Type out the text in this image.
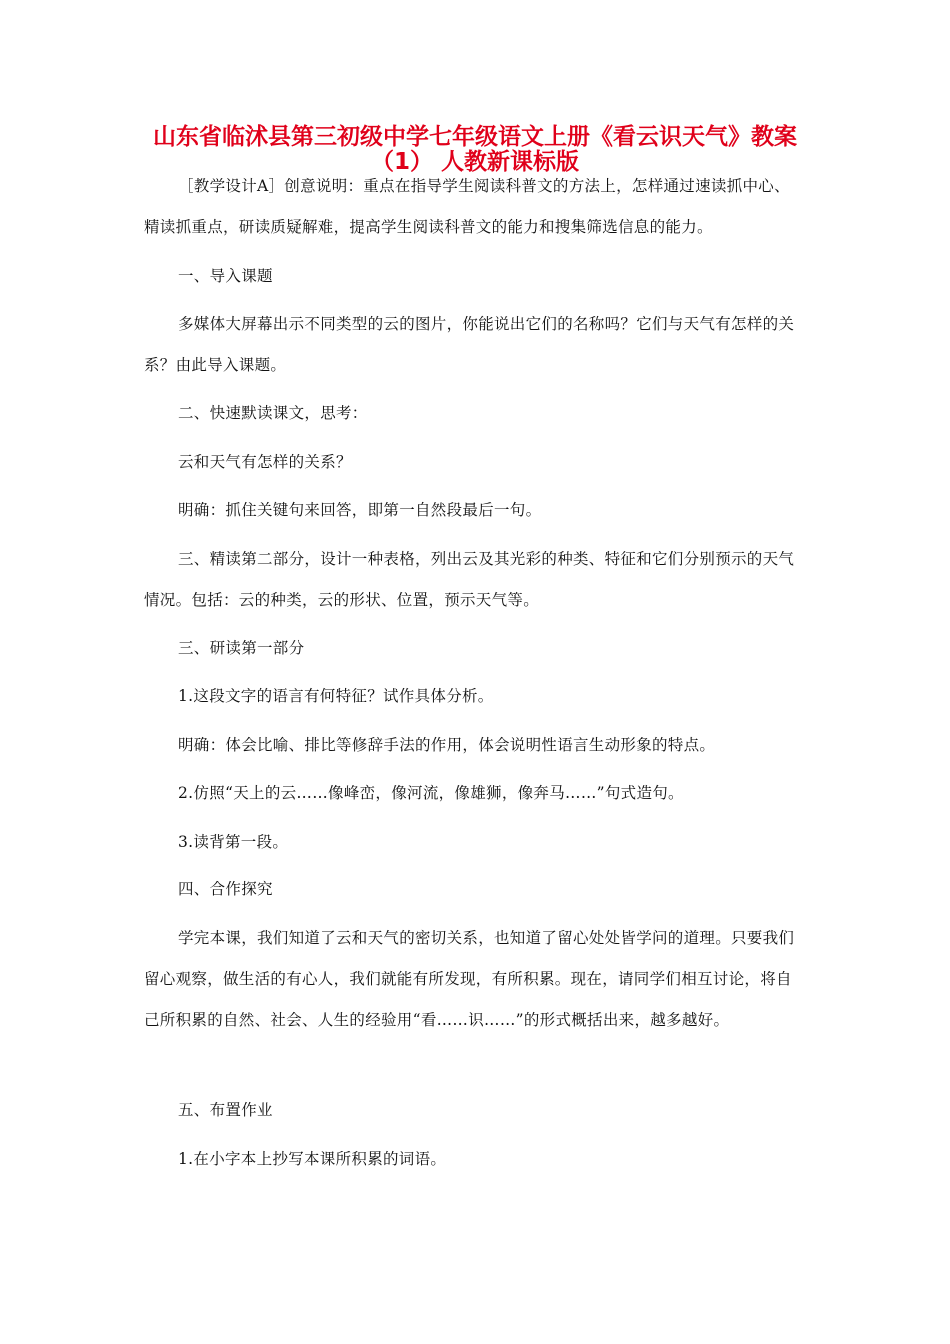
山东省临沭县第三初级中学七年级语文上册《看云识天气》教案
（1） 人教新课标版
［教学设计A］创意说明：重点在指导学生阅读科普文的方法上，怎样通过速读抓中心、精读抓重点，研读质疑解难，提高学生阅读科普文的能力和搜集筛选信息的能力。
一、导入课题
多媒体大屏幕出示不同类型的云的图片，你能说出它们的名称吗？它们与天气有怎样的关系？由此导入课题。
二、快速默读课文，思考：
云和天气有怎样的关系？
明确：抓住关键句来回答，即第一自然段最后一句。
三、精读第二部分，设计一种表格，列出云及其光彩的种类、特征和它们分别预示的天气情况。包括：云的种类，云的形状、位置，预示天气等。
三、研读第一部分
1.这段文字的语言有何特征？试作具体分析。
明确：体会比喻、排比等修辞手法的作用，体会说明性语言生动形象的特点。
2.仿照“天上的云……像峰峦，像河流，像雄狮，像奔马……”句式造句。
3.读背第一段。
四、合作探究
学完本课，我们知道了云和天气的密切关系，也知道了留心处处皆学问的道理。只要我们留心观察，做生活的有心人，我们就能有所发现，有所积累。现在，请同学们相互讨论，将自己所积累的自然、社会、人生的经验用“看……识……”的形式概括出来，越多越好。
五、布置作业
1.在小字本上抄写本课所积累的词语。
